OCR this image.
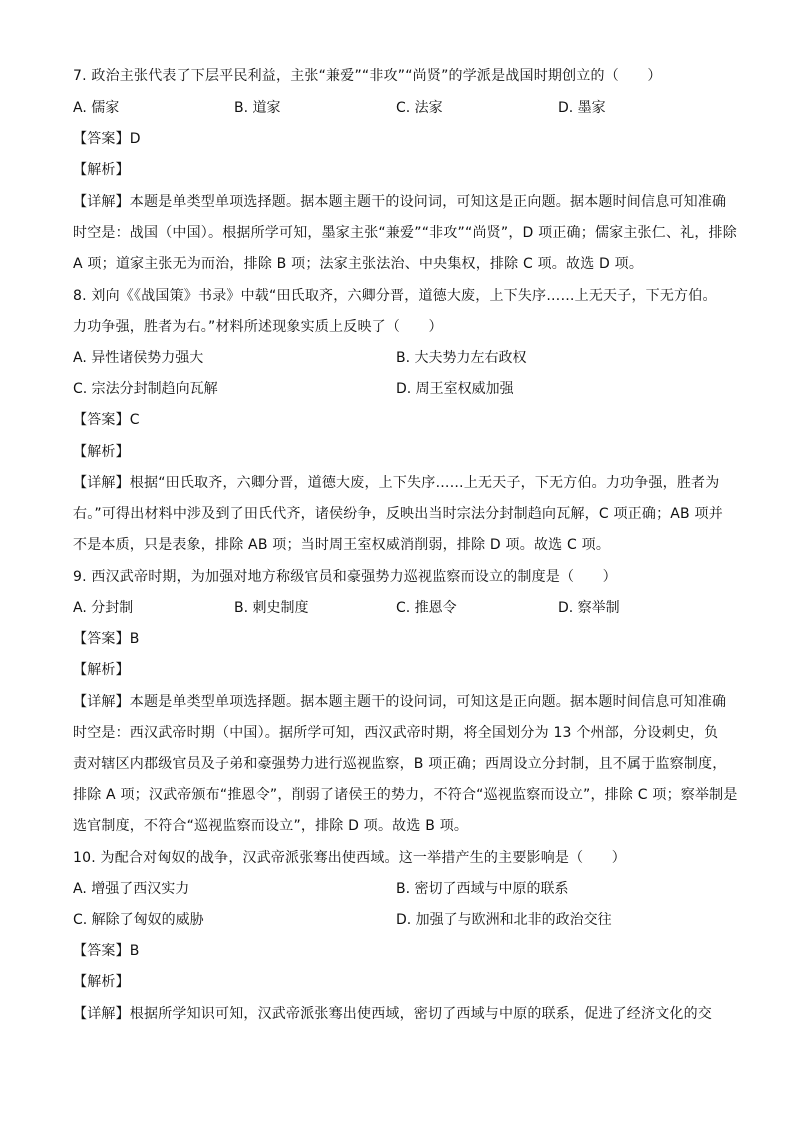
7. 政治主张代表了下层平民利益，主张“兼爱”“非攻”“尚贤”的学派是战国时期创立的（　　）
A. 儒家	B. 道家	C. 法家	D. 墨家
【答案】D
【解析】
【详解】本题是单类型单项选择题。据本题主题干的设问词，可知这是正向题。据本题时间信息可知准确
时空是：战国（中国）。根据所学可知，墨家主张“兼爱”“非攻”“尚贤”，D 项正确；儒家主张仁、礼，排除
A 项；道家主张无为而治，排除 B 项；法家主张法治、中央集权，排除 C 项。故选 D 项。
8. 刘向《《战国策》书录》中载“田氏取齐，六卿分晋，道德大废，上下失序……上无天子，下无方伯。
力功争强，胜者为右。”材料所述现象实质上反映了（　　）
A. 异性诸侯势力强大	B. 大夫势力左右政权
C. 宗法分封制趋向瓦解	D. 周王室权威加强
【答案】C
【解析】
【详解】根据“田氏取齐，六卿分晋，道德大废，上下失序……上无天子，下无方伯。力功争强，胜者为
右。”可得出材料中涉及到了田氏代齐，诸侯纷争，反映出当时宗法分封制趋向瓦解，C 项正确；AB 项并
不是本质，只是表象，排除 AB 项；当时周王室权威消削弱，排除 D 项。故选 C 项。
9. 西汉武帝时期，为加强对地方称级官员和豪强势力巡视监察而设立的制度是（　　）
A. 分封制	B. 刺史制度	C. 推恩令	D. 察举制
【答案】B
【解析】
【详解】本题是单类型单项选择题。据本题主题干的设问词，可知这是正向题。据本题时间信息可知准确
时空是：西汉武帝时期（中国）。据所学可知，西汉武帝时期，将全国划分为 13 个州部，分设刺史，负
责对辖区内郡级官员及子弟和豪强势力进行巡视监察，B 项正确；西周设立分封制，且不属于监察制度，
排除 A 项；汉武帝颁布“推恩令”，削弱了诸侯王的势力，不符合“巡视监察而设立”，排除 C 项；察举制是
选官制度，不符合“巡视监察而设立”，排除 D 项。故选 B 项。
10. 为配合对匈奴的战争，汉武帝派张骞出使西域。这一举措产生的主要影响是（　　）
A. 增强了西汉实力	B. 密切了西域与中原的联系
C. 解除了匈奴的威胁	D. 加强了与欧洲和北非的政治交往
【答案】B
【解析】
【详解】根据所学知识可知，汉武帝派张骞出使西域，密切了西域与中原的联系，促进了经济文化的交
